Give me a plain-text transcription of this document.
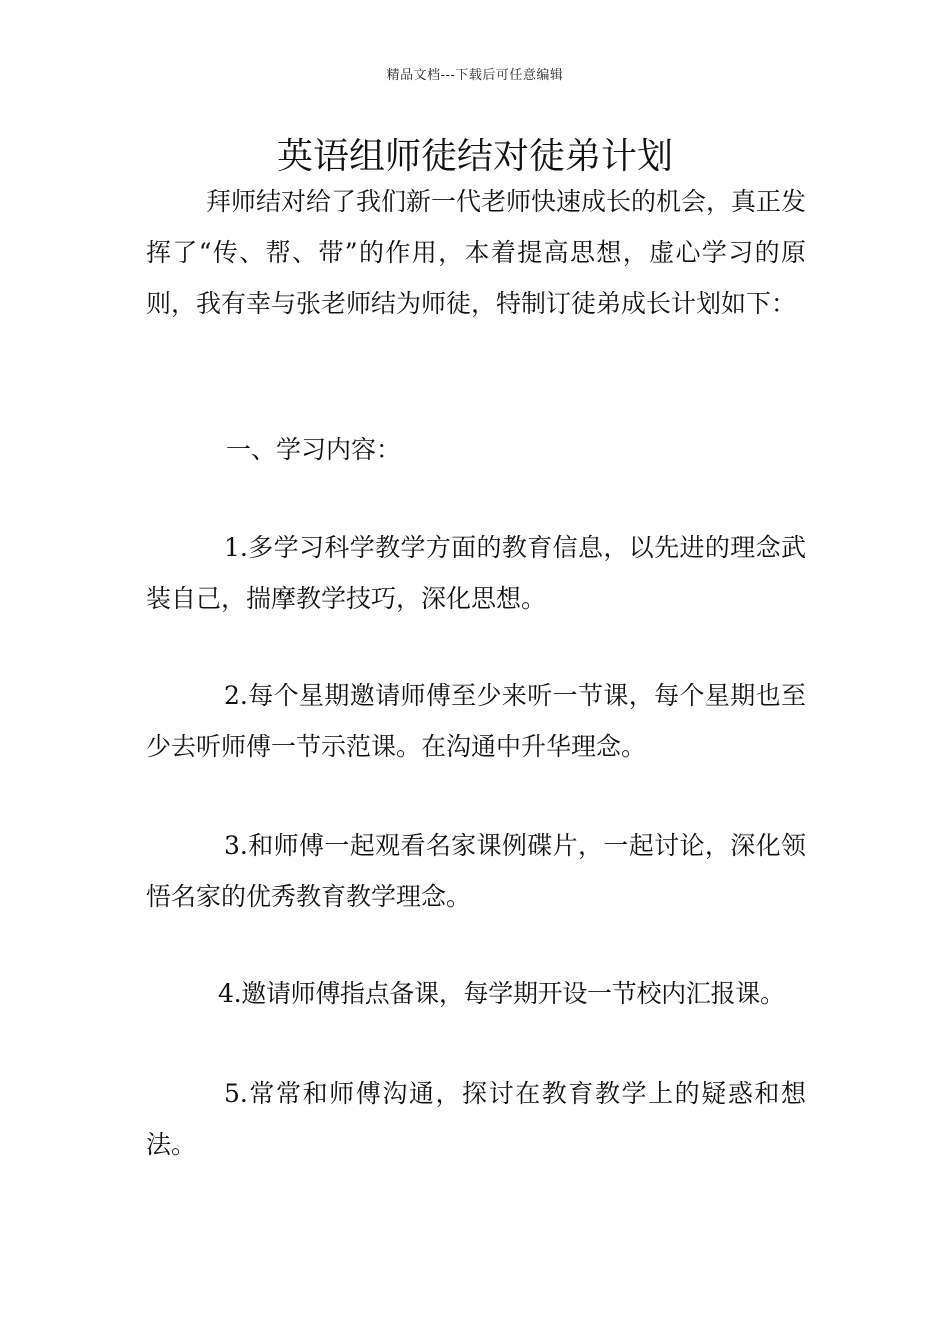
精品文档---下载后可任意编辑
英语组师徒结对徒弟计划

拜师结对给了我们新一代老师快速成长的机会，真正发挥了“传、帮、带”的作用，本着提高思想，虚心学习的原则，我有幸与张老师结为师徒，特制订徒弟成长计划如下：

一、学习内容：

1.多学习科学教学方面的教育信息，以先进的理念武装自己，揣摩教学技巧，深化思想。

2.每个星期邀请师傅至少来听一节课，每个星期也至少去听师傅一节示范课。在沟通中升华理念。

3.和师傅一起观看名家课例碟片，一起讨论，深化领悟名家的优秀教育教学理念。

4.邀请师傅指点备课，每学期开设一节校内汇报课。

5.常常和师傅沟通，探讨在教育教学上的疑惑和想法。
